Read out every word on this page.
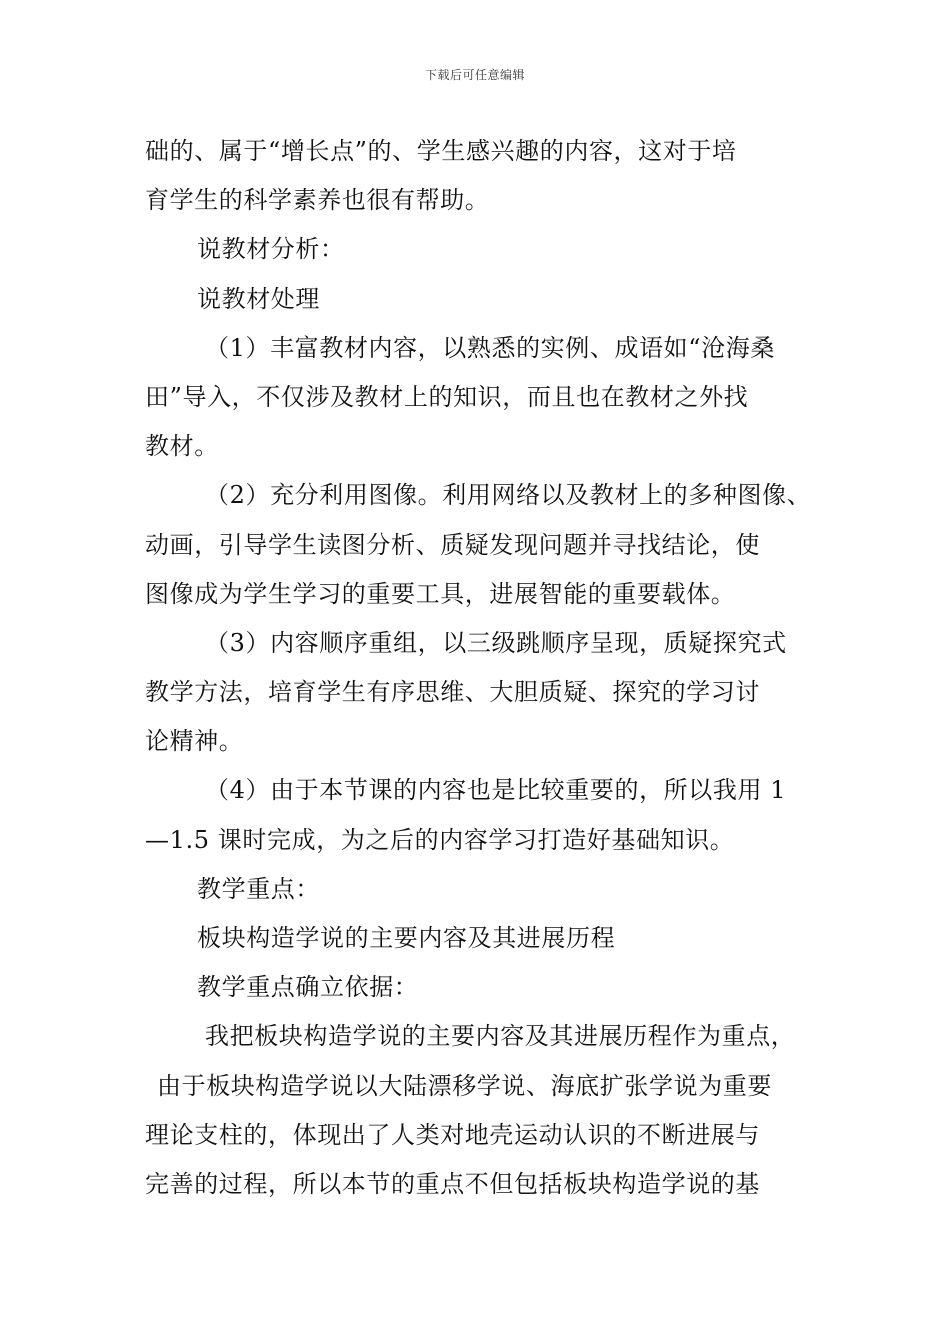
下载后可任意编辑
础的、属于“增长点”的、学生感兴趣的内容，这对于培
育学生的科学素养也很有帮助。
说教材分析：
说教材处理
（1）丰富教材内容，以熟悉的实例、成语如“沧海桑
田”导入，不仅涉及教材上的知识，而且也在教材之外找
教材。
（2）充分利用图像。利用网络以及教材上的多种图像、
动画，引导学生读图分析、质疑发现问题并寻找结论，使
图像成为学生学习的重要工具，进展智能的重要载体。
（3）内容顺序重组，以三级跳顺序呈现，质疑探究式
教学方法，培育学生有序思维、大胆质疑、探究的学习讨
论精神。
（4）由于本节课的内容也是比较重要的，所以我用 1
—1.5 课时完成，为之后的内容学习打造好基础知识。
教学重点：
板块构造学说的主要内容及其进展历程
教学重点确立依据：
我把板块构造学说的主要内容及其进展历程作为重点，
由于板块构造学说以大陆漂移学说、海底扩张学说为重要
理论支柱的，体现出了人类对地壳运动认识的不断进展与
完善的过程，所以本节的重点不但包括板块构造学说的基
